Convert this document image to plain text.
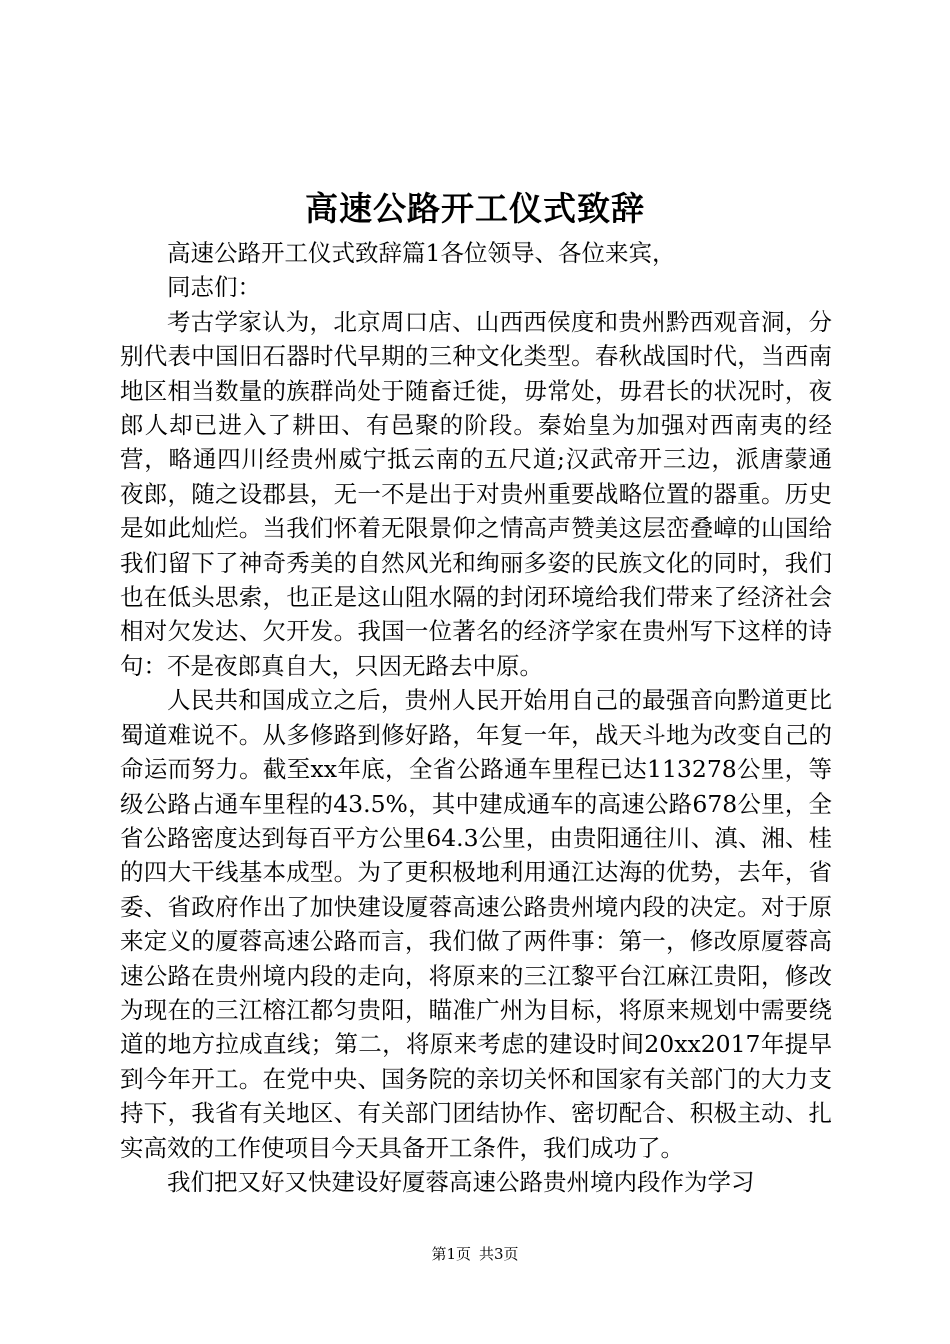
高速公路开工仪式致辞

高速公路开工仪式致辞篇1各位领导、各位来宾，

同志们：

考古学家认为，北京周口店、山西西侯度和贵州黔西观音洞，分别代表中国旧石器时代早期的三种文化类型。春秋战国时代，当西南地区相当数量的族群尚处于随畜迁徙，毋常处，毋君长的状况时，夜郎人却已进入了耕田、有邑聚的阶段。秦始皇为加强对西南夷的经营，略通四川经贵州威宁抵云南的五尺道;汉武帝开三边，派唐蒙通夜郎，随之设郡县，无一不是出于对贵州重要战略位置的器重。历史是如此灿烂。当我们怀着无限景仰之情高声赞美这层峦叠嶂的山国给我们留下了神奇秀美的自然风光和绚丽多姿的民族文化的同时，我们也在低头思索，也正是这山阻水隔的封闭环境给我们带来了经济社会相对欠发达、欠开发。我国一位著名的经济学家在贵州写下这样的诗句：不是夜郎真自大，只因无路去中原。

人民共和国成立之后，贵州人民开始用自己的最强音向黔道更比蜀道难说不。从多修路到修好路，年复一年，战天斗地为改变自己的命运而努力。截至xx年底，全省公路通车里程已达113278公里，等级公路占通车里程的43.5%，其中建成通车的高速公路678公里，全省公路密度达到每百平方公里64.3公里，由贵阳通往川、滇、湘、桂的四大干线基本成型。为了更积极地利用通江达海的优势，去年，省委、省政府作出了加快建设厦蓉高速公路贵州境内段的决定。对于原来定义的厦蓉高速公路而言，我们做了两件事：第一，修改原厦蓉高速公路在贵州境内段的走向，将原来的三江黎平台江麻江贵阳，修改为现在的三江榕江都匀贵阳，瞄准广州为目标，将原来规划中需要绕道的地方拉成直线；第二，将原来考虑的建设时间20xx2017年提早到今年开工。在党中央、国务院的亲切关怀和国家有关部门的大力支持下，我省有关地区、有关部门团结协作、密切配合、积极主动、扎实高效的工作使项目今天具备开工条件，我们成功了。

我们把又好又快建设好厦蓉高速公路贵州境内段作为学习

第1页 共3页
